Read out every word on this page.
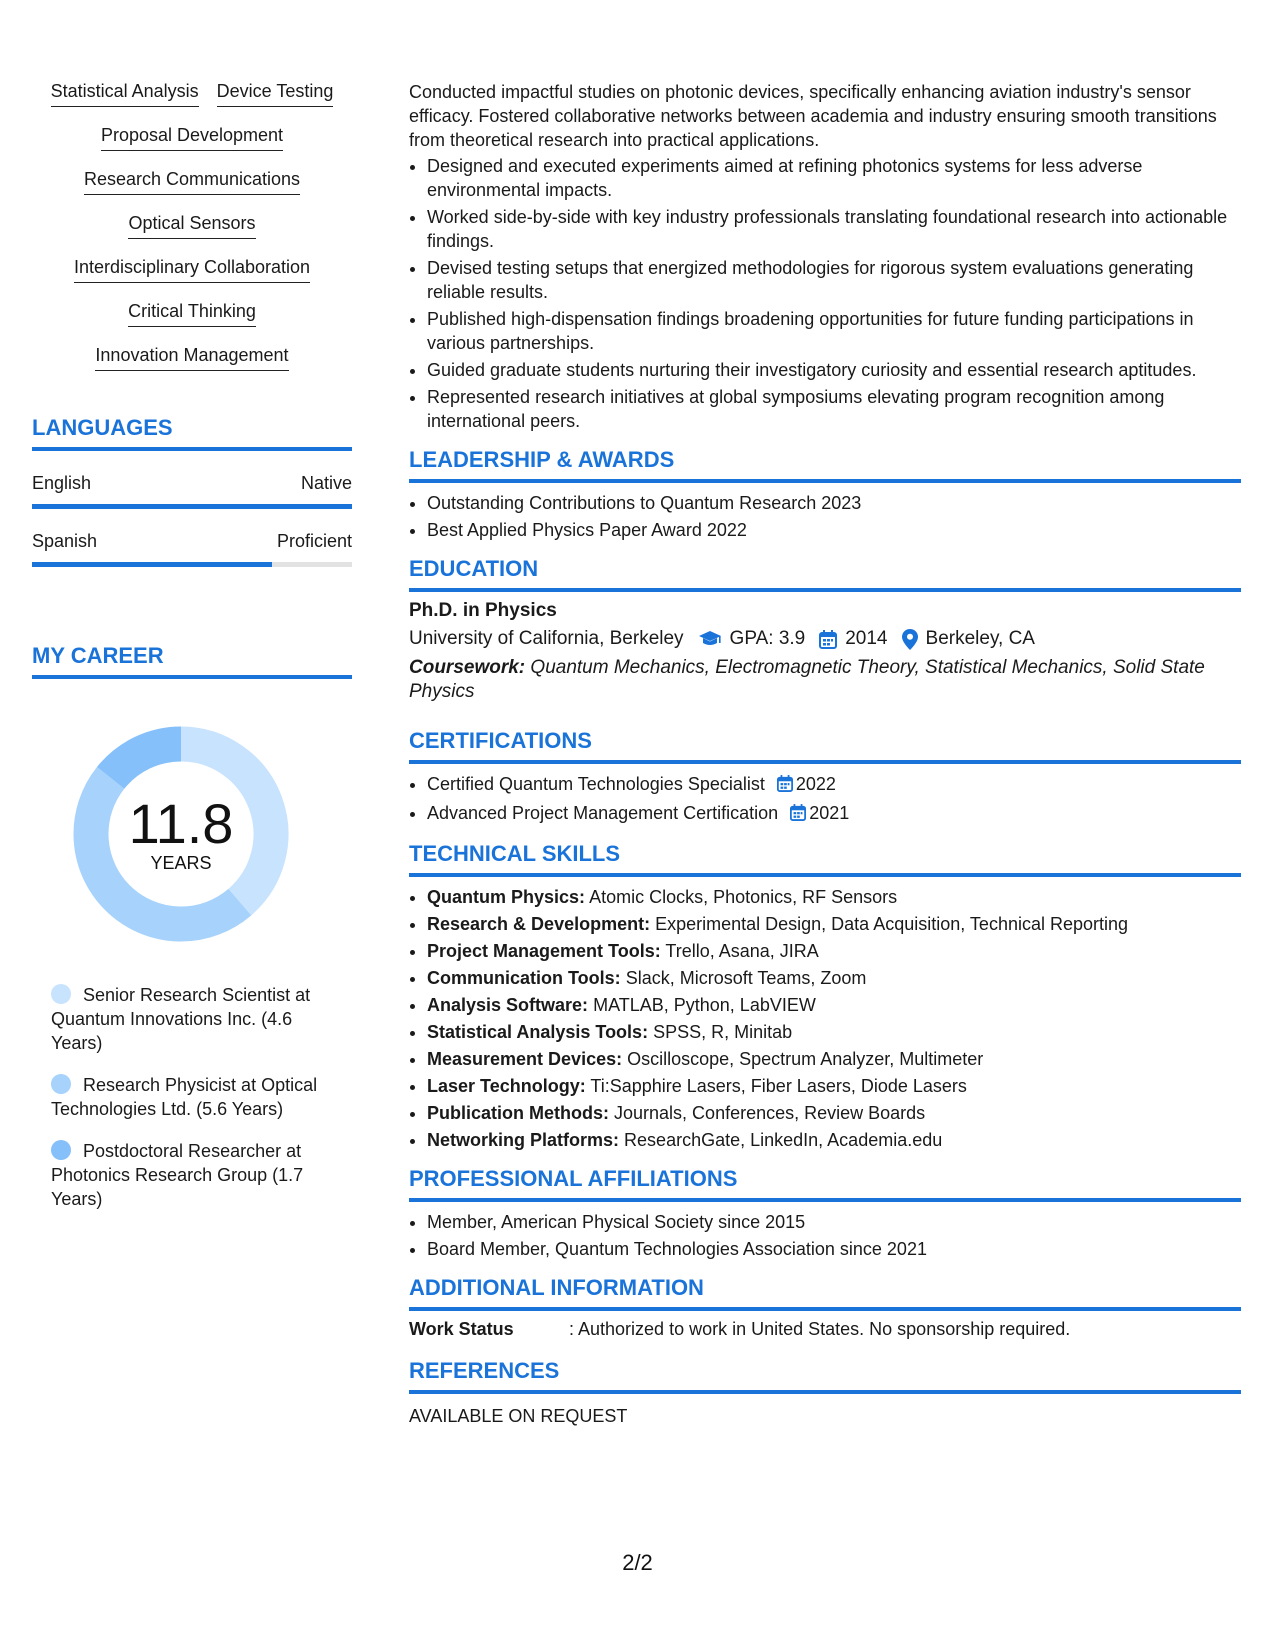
Statistical Analysis Device Testing
Proposal Development
Research Communications
Optical Sensors
Interdisciplinary Collaboration
Critical Thinking
Innovation Management
LANGUAGES
English	Native
Spanish	Proficient
MY CAREER
11.8
YEARS
Senior Research Scientist at Quantum Innovations Inc. (4.6 Years)
Research Physicist at Optical Technologies Ltd. (5.6 Years)
Postdoctoral Researcher at Photonics Research Group (1.7 Years)

Conducted impactful studies on photonic devices, specifically enhancing aviation industry's sensor efficacy. Fostered collaborative networks between academia and industry ensuring smooth transitions from theoretical research into practical applications.

• Designed and executed experiments aimed at refining photonics systems for less adverse environmental impacts.
• Worked side-by-side with key industry professionals translating foundational research into actionable findings.
• Devised testing setups that energized methodologies for rigorous system evaluations generating reliable results.
• Published high-dispensation findings broadening opportunities for future funding participations in various partnerships.
• Guided graduate students nurturing their investigatory curiosity and essential research aptitudes.
• Represented research initiatives at global symposiums elevating program recognition among international peers.
LEADERSHIP & AWARDS
• Outstanding Contributions to Quantum Research 2023
• Best Applied Physics Paper Award 2022
EDUCATION
Ph.D. in Physics
University of California, Berkeley GPA: 3.9 2014 Berkeley, CA
Coursework: Quantum Mechanics, Electromagnetic Theory, Statistical Mechanics, Solid State Physics
CERTIFICATIONS
• Certified Quantum Technologies Specialist 2022
• Advanced Project Management Certification 2021
TECHNICAL SKILLS
• Quantum Physics: Atomic Clocks, Photonics, RF Sensors
• Research & Development: Experimental Design, Data Acquisition, Technical Reporting
• Project Management Tools: Trello, Asana, JIRA
• Communication Tools: Slack, Microsoft Teams, Zoom
• Analysis Software: MATLAB, Python, LabVIEW
• Statistical Analysis Tools: SPSS, R, Minitab
• Measurement Devices: Oscilloscope, Spectrum Analyzer, Multimeter
• Laser Technology: Ti:Sapphire Lasers, Fiber Lasers, Diode Lasers
• Publication Methods: Journals, Conferences, Review Boards
• Networking Platforms: ResearchGate, LinkedIn, Academia.edu
PROFESSIONAL AFFILIATIONS
• Member, American Physical Society since 2015
• Board Member, Quantum Technologies Association since 2021
ADDITIONAL INFORMATION
Work Status	: Authorized to work in United States. No sponsorship required.
REFERENCES
AVAILABLE ON REQUEST
2/2
